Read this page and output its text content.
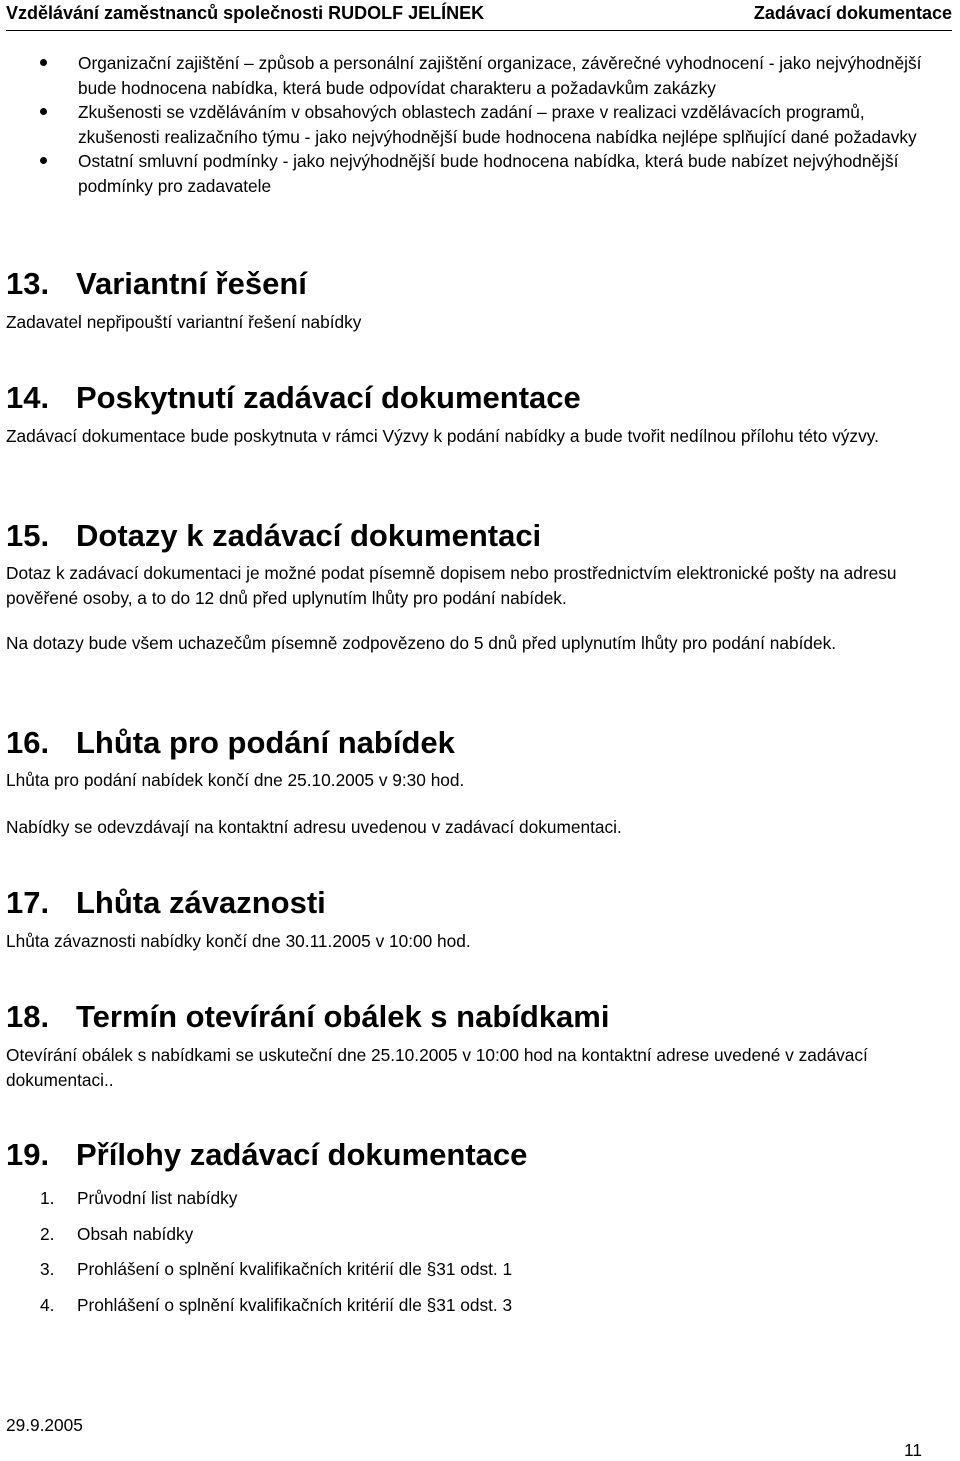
Vzdělávání zaměstnanců společnosti RUDOLF JELÍNEK	Zadávací dokumentace
Organizační zajištění – způsob a personální zajištění organizace, závěrečné vyhodnocení - jako nejvýhodnější bude hodnocena nabídka, která bude odpovídat charakteru a požadavkům zakázky
Zkušenosti se vzděláváním v obsahových oblastech zadání – praxe v realizaci vzdělávacích programů, zkušenosti realizačního týmu - jako nejvýhodnější bude hodnocena nabídka nejlépe splňující dané požadavky
Ostatní smluvní podmínky - jako nejvýhodnější bude hodnocena nabídka, která bude nabízet nejvýhodnější podmínky pro zadavatele
13. Variantní řešení

Zadavatel nepřipouští variantní řešení nabídky

14. Poskytnutí zadávací dokumentace

Zadávací dokumentace bude poskytnuta v rámci Výzvy k podání nabídky a bude tvořit nedílnou přílohu této výzvy.

15. Dotazy k zadávací dokumentaci

Dotaz k zadávací dokumentaci je možné podat písemně dopisem nebo prostřednictvím elektronické pošty na adresu pověřené osoby, a to do 12 dnů před uplynutím lhůty pro podání nabídek.

Na dotazy bude všem uchazečům písemně zodpovězeno do 5 dnů před uplynutím lhůty pro podání nabídek.

16. Lhůta pro podání nabídek

Lhůta pro podání nabídek končí dne 25.10.2005 v 9:30 hod.

Nabídky se odevzdávají na kontaktní adresu uvedenou v zadávací dokumentaci.

17. Lhůta závaznosti

Lhůta závaznosti nabídky končí dne 30.11.2005 v 10:00 hod.

18. Termín otevírání obálek s nabídkami

Otevírání obálek s nabídkami se uskuteční dne 25.10.2005 v 10:00 hod na kontaktní adrese uvedené v zadávací dokumentaci..

19. Přílohy zadávací dokumentace
1. Průvodní list nabídky
2. Obsah nabídky
3. Prohlášení o splnění kvalifikačních kritérií dle §31 odst. 1
4. Prohlášení o splnění kvalifikačních kritérií dle §31 odst. 3
29.9.2005
11
